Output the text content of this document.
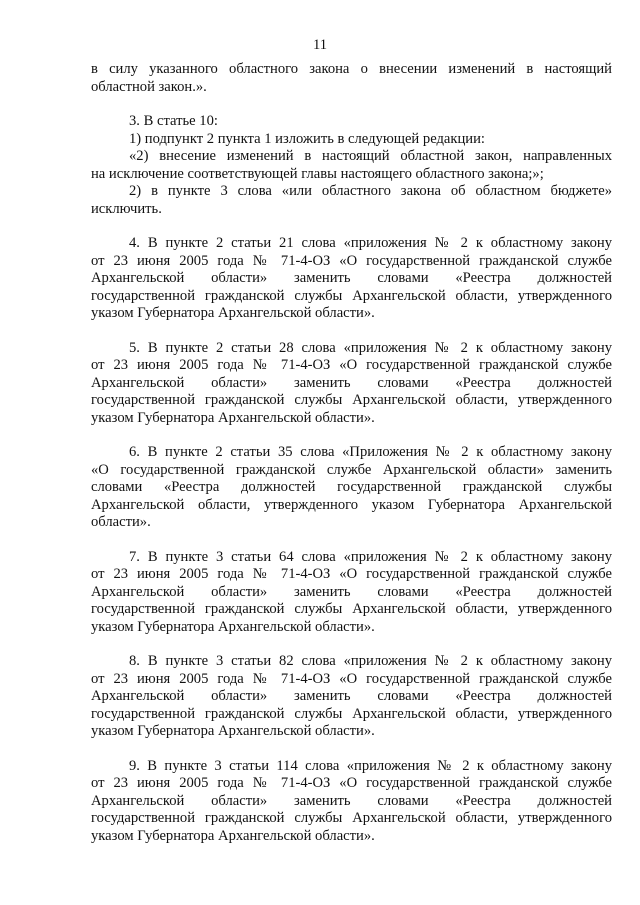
11
в силу указанного областного закона о внесении изменений в настоящий
областной закон.».
3. В статье 10:
1) подпункт 2 пункта 1 изложить в следующей редакции:
«2) внесение изменений в настоящий областной закон, направленных
на исключение соответствующей главы настоящего областного закона;»;
2) в пункте 3 слова «или областного закона об областном бюджете»
исключить.
4. В пункте 2 статьи 21 слова «приложения № 2 к областному закону
от 23 июня 2005 года № 71-4-ОЗ «О государственной гражданской службе
Архангельской области» заменить словами «Реестра должностей
государственной гражданской службы Архангельской области, утвержденного
указом Губернатора Архангельской области».
5. В пункте 2 статьи 28 слова «приложения № 2 к областному закону
от 23 июня 2005 года № 71-4-ОЗ «О государственной гражданской службе
Архангельской области» заменить словами «Реестра должностей
государственной гражданской службы Архангельской области, утвержденного
указом Губернатора Архангельской области».
6. В пункте 2 статьи 35 слова «Приложения № 2 к областному закону
«О государственной гражданской службе Архангельской области» заменить
словами «Реестра должностей государственной гражданской службы
Архангельской области, утвержденного указом Губернатора Архангельской
области».
7. В пункте 3 статьи 64 слова «приложения № 2 к областному закону
от 23 июня 2005 года № 71-4-ОЗ «О государственной гражданской службе
Архангельской области» заменить словами «Реестра должностей
государственной гражданской службы Архангельской области, утвержденного
указом Губернатора Архангельской области».
8. В пункте 3 статьи 82 слова «приложения № 2 к областному закону
от 23 июня 2005 года № 71-4-ОЗ «О государственной гражданской службе
Архангельской области» заменить словами «Реестра должностей
государственной гражданской службы Архангельской области, утвержденного
указом Губернатора Архангельской области».
9. В пункте 3 статьи 114 слова «приложения № 2 к областному закону
от 23 июня 2005 года № 71-4-ОЗ «О государственной гражданской службе
Архангельской области» заменить словами «Реестра должностей
государственной гражданской службы Архангельской области, утвержденного
указом Губернатора Архангельской области».
